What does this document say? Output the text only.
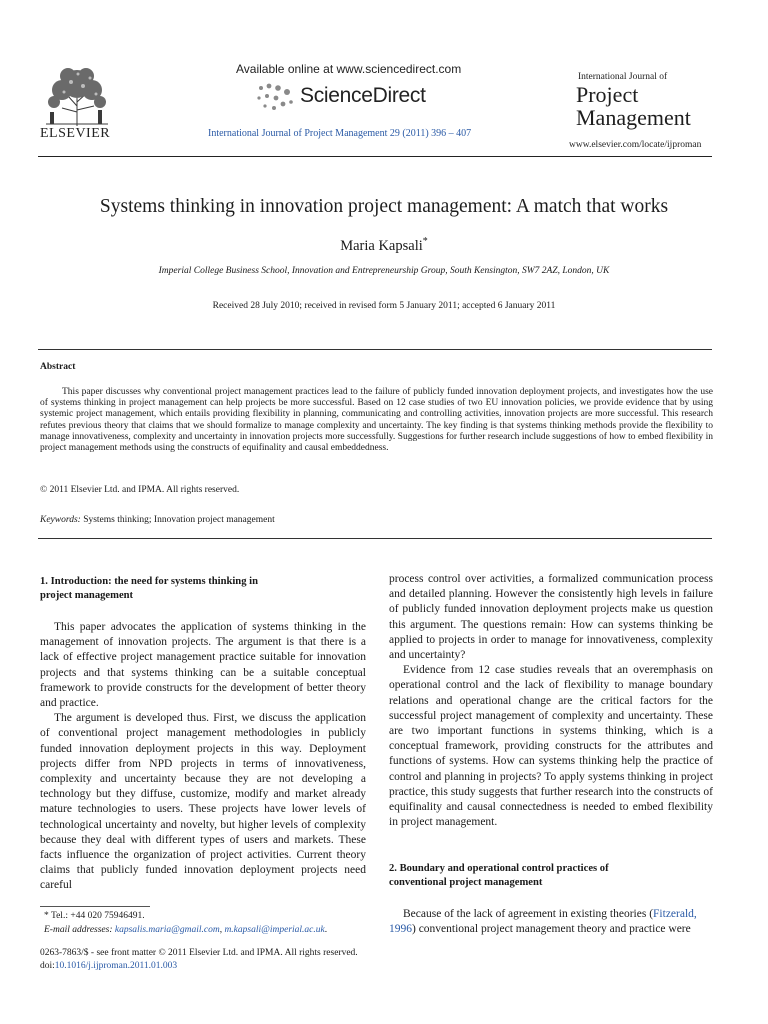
ELSEVIER
Available online at www.sciencedirect.com
ScienceDirect
International Journal of Project Management 29 (2011) 396 – 407
International Journal of
Project
Management
www.elsevier.com/locate/ijproman
Systems thinking in innovation project management: A match that works
Maria Kapsali*
Imperial College Business School, Innovation and Entrepreneurship Group, South Kensington, SW7 2AZ, London, UK
Received 28 July 2010; received in revised form 5 January 2011; accepted 6 January 2011
Abstract
This paper discusses why conventional project management practices lead to the failure of publicly funded innovation deployment projects, and investigates how the use of systems thinking in project management can help projects be more successful. Based on 12 case studies of two EU innovation policies, we provide evidence that by using systemic project management, which entails providing flexibility in planning, communicating and controlling activities, innovation projects are more successful. This research refutes previous theory that claims that we should formalize to manage complexity and uncertainty. The key finding is that systems thinking methods provide the flexibility to manage innovativeness, complexity and uncertainty in innovation projects more successfully. Suggestions for further research include suggestions of how to embed flexibility in project management methods using the constructs of equifinality and causal embeddedness.
© 2011 Elsevier Ltd. and IPMA. All rights reserved.
Keywords: Systems thinking; Innovation project management
1. Introduction: the need for systems thinking in
project management

This paper advocates the application of systems thinking in the management of innovation projects. The argument is that there is a lack of effective project management practice suitable for innovation projects and that systems thinking can be a suitable conceptual framework to provide constructs for the development of better theory and practice.

The argument is developed thus. First, we discuss the application of conventional project management methodologies in publicly funded innovation deployment projects in this way. Deployment projects differ from NPD projects in terms of innovativeness, complexity and uncertainty because they are not developing a technology but they diffuse, customize, modify and market already mature technologies to users. These projects have lower levels of technological uncertainty and novelty, but higher levels of complexity because they deal with different types of users and markets. These facts influence the organization of project activities. Current theory claims that publicly funded innovation deployment projects need careful

process control over activities, a formalized communication process and detailed planning. However the consistently high levels in failure of publicly funded innovation deployment projects make us question this argument. The questions remain: How can systems thinking be applied to projects in order to manage for innovativeness, complexity and uncertainty?

Evidence from 12 case studies reveals that an overemphasis on operational control and the lack of flexibility to manage boundary relations and operational change are the critical factors for the successful project management of complexity and uncertainty. These are two important functions in systems thinking, which is a conceptual framework, providing constructs for the attributes and functions of systems. How can systems thinking help the practice of control and planning in projects? To apply systems thinking in project practice, this study suggests that further research into the constructs of equifinality and causal connectedness is needed to embed flexibility in project management.

2. Boundary and operational control practices of
conventional project management

Because of the lack of agreement in existing theories (Fitzerald,
1996) conventional project management theory and practice were

* Tel.: +44 020 75946491.
E-mail addresses: kapsalis.maria@gmail.com, m.kapsali@imperial.ac.uk.
0263-7863/$ - see front matter © 2011 Elsevier Ltd. and IPMA. All rights reserved.
doi:10.1016/j.ijproman.2011.01.003
